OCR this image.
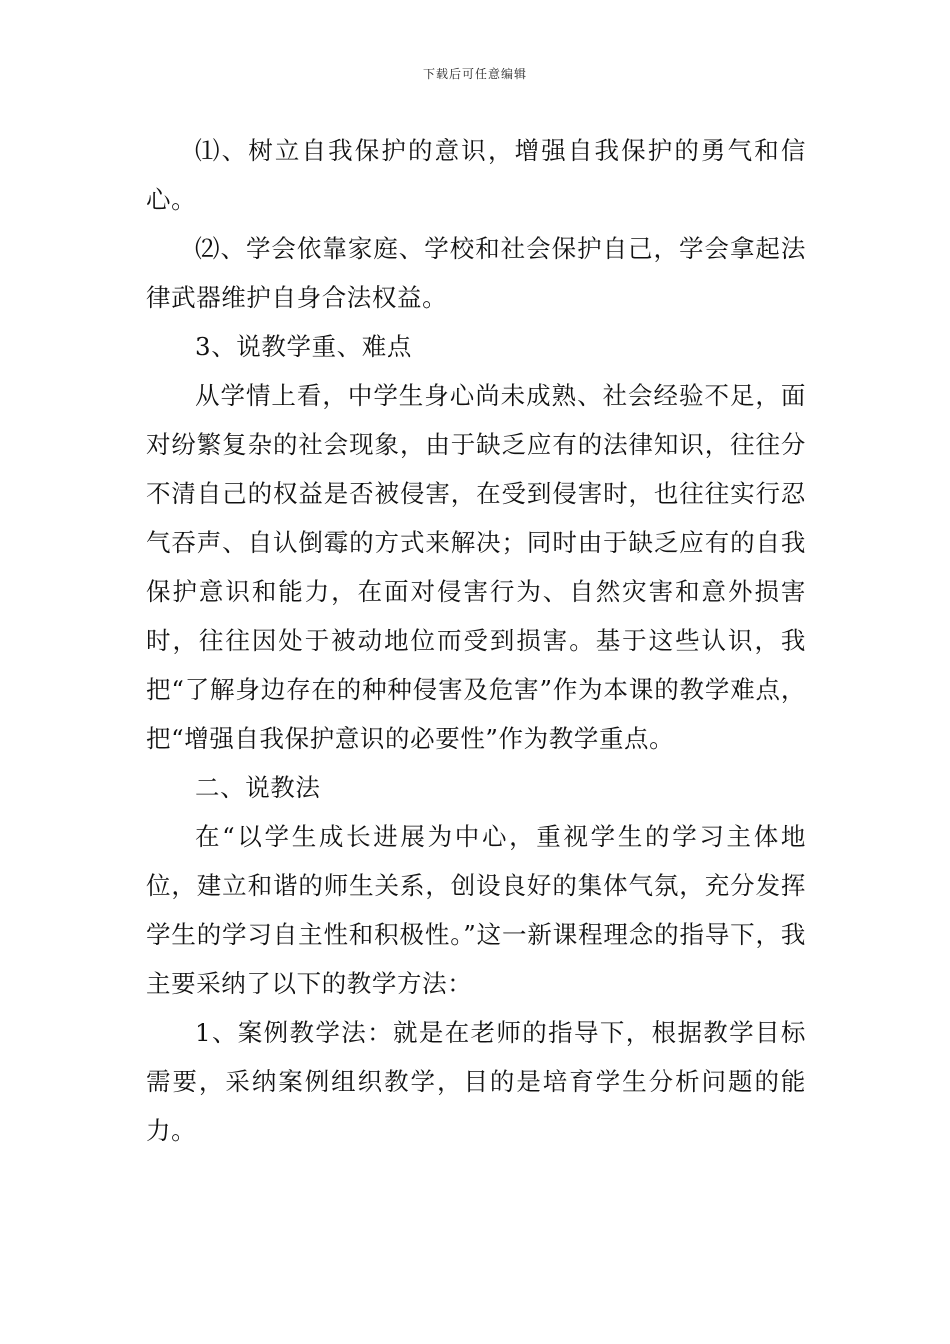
下载后可任意编辑

⑴、树立自我保护的意识，增强自我保护的勇气和信心。

⑵、学会依靠家庭、学校和社会保护自己，学会拿起法律武器维护自身合法权益。

3、说教学重、难点

从学情上看，中学生身心尚未成熟、社会经验不足，面对纷繁复杂的社会现象，由于缺乏应有的法律知识，往往分不清自己的权益是否被侵害，在受到侵害时，也往往实行忍气吞声、自认倒霉的方式来解决；同时由于缺乏应有的自我保护意识和能力，在面对侵害行为、自然灾害和意外损害时，往往因处于被动地位而受到损害。基于这些认识，我把“了解身边存在的种种侵害及危害”作为本课的教学难点，把“增强自我保护意识的必要性”作为教学重点。

二、说教法

在“以学生成长进展为中心，重视学生的学习主体地位，建立和谐的师生关系，创设良好的集体气氛，充分发挥学生的学习自主性和积极性。”这一新课程理念的指导下，我主要采纳了以下的教学方法：

1、案例教学法：就是在老师的指导下，根据教学目标需要，采纳案例组织教学，目的是培育学生分析问题的能力。
